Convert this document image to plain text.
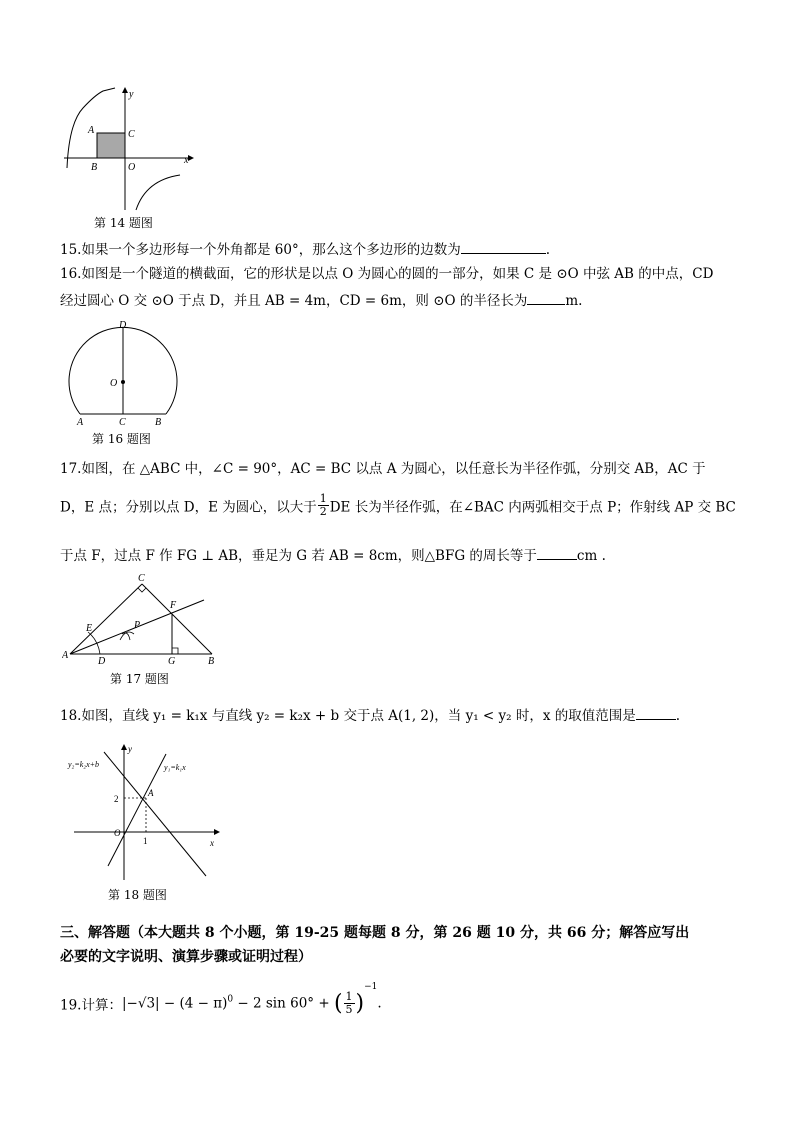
y
x
A	C
B	O
第 14 题图
15.如果一个多边形每一个外角都是 60°，那么这个多边形的边数为	.
16.如图是一个隧道的横截面，它的形状是以点 O 为圆心的圆的一部分，如果 C 是 ⊙O 中弦 AB 的中点，CD
经过圆心 O 交 ⊙O 于点 D，并且 AB = 4m，CD = 6m，则 ⊙O 的半径长为	m.
D
O
A	C	B
第 16 题图
17.如图，在 △ABC 中，∠C = 90°，AC = BC 以点 A 为圆心，以任意长为半径作弧，分别交 AB，AC 于
D，E 点；分别以点 D，E 为圆心，以大于 $\frac{1}{2}$ DE 长为半径作弧，在∠BAC 内两弧相交于点 P；作射线 AP 交 BC
于点 F，过点 F 作 FG ⊥ AB，垂足为 G 若 AB = 8cm，则△BFG 的周长等于	cm .
C
F
E	P
A
D	G	B
第 17 题图
18.如图，直线 y₁ = k₁x 与直线 y₂ = k₂x + b 交于点 A(1, 2)，当 y₁ < y₂ 时，x 的取值范围是	.
y₂=k₂x+b	y₁=k₁x
y
x
A
2
O
1
第 18 题图
三、解答题（本大题共 8 个小题，第 19-25 题每题 8 分，第 26 题 10 分，共 66 分；解答应写出
必要的文字说明、演算步骤或证明过程）
19.计算：$|-√3| - (4 - \pi)^0 - 2$ sin 60° + ( $\frac{1}{5} )^{-1}$.
